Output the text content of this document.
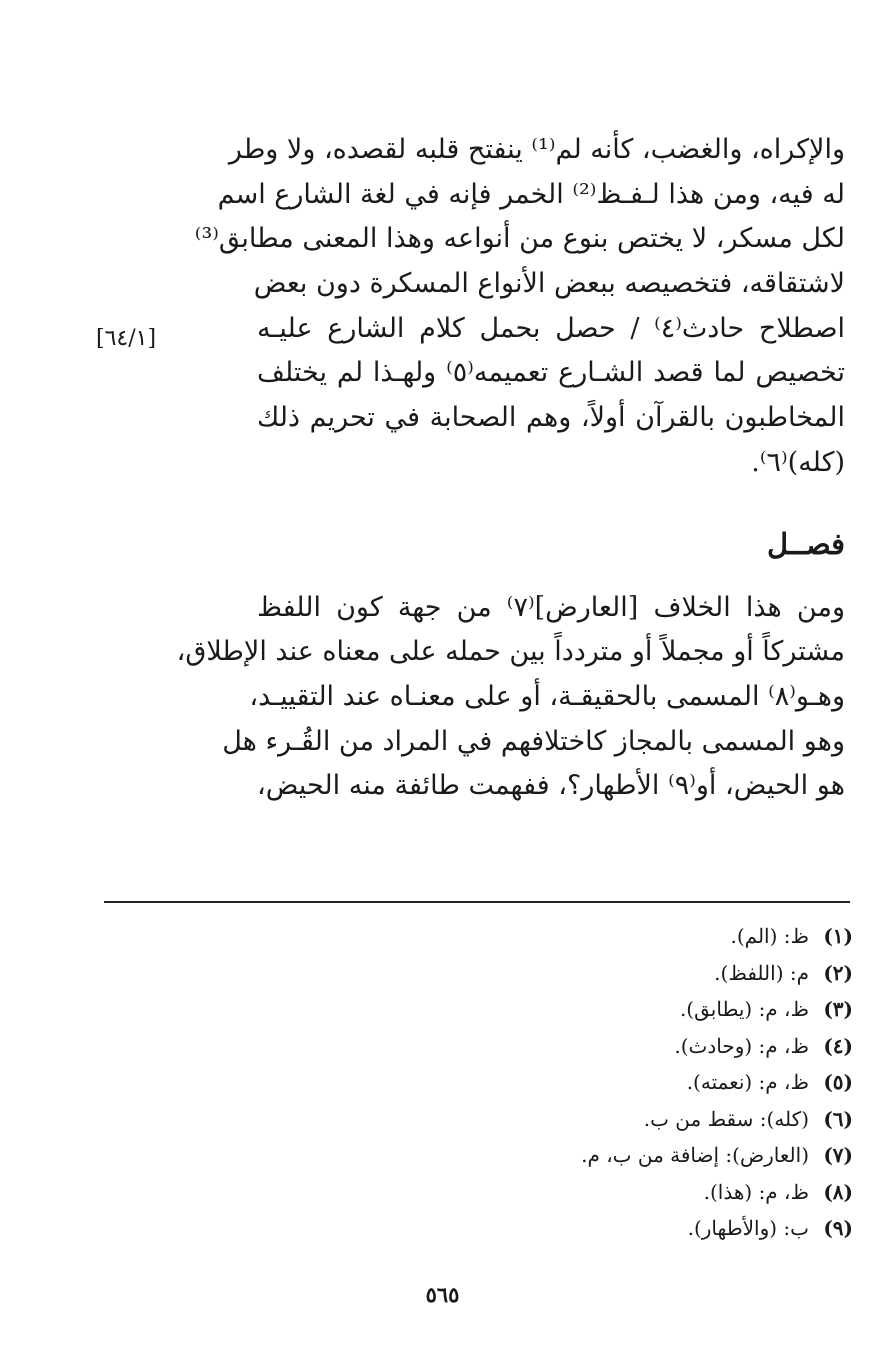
والإكراه، والغضب، كأنه لم⁽¹⁾ ينفتح قلبه لقصده، ولا وطر
له فيه، ومن هذا لـفـظ⁽²⁾ الخمر فإنه في لغة الشارع اسم
لكل مسكر، لا يختص بنوع من أنواعه وهذا المعنى مطابق⁽³⁾
لاشتقاقه، فتخصيصه ببعض الأنواع المسكرة دون بعض
اصطلاح حادث⁽٤⁾ / حصل بحمل كلام الشارع عليـه
تخصيص لما قصد الشـارع تعميمه⁽٥⁾ ولهـذا لم يختلف
المخاطبون بالقرآن أولاً، وهم الصحابة في تحريم ذلك
(كله)⁽٦⁾.
فصــل
ومن هذا الخلاف [العارض]⁽٧⁾ من جهة كون اللفظ
مشتركاً أو مجملاً أو متردداً بين حمله على معناه عند الإطلاق،
وهـو⁽٨⁾ المسمى بالحقيقـة، أو على معنـاه عند التقييـد،
وهو المسمى بالمجاز كاختلافهم في المراد من القُـرء هل
هو الحيض، أو⁽٩⁾ الأطهار؟، ففهمت طائفة منه الحيض،
[٦٤/١]
(١)ظ: (الم).
(٢)م: (اللفظ).
(٣)ظ، م: (يطابق).
(٤)ظ، م: (وحادث).
(٥)ظ، م: (نعمته).
(٦)(كله): سقط من ب.
(٧)(العارض): إضافة من ب، م.
(٨)ظ، م: (هذا).
(٩)ب: (والأطهار).
٥٦٥
